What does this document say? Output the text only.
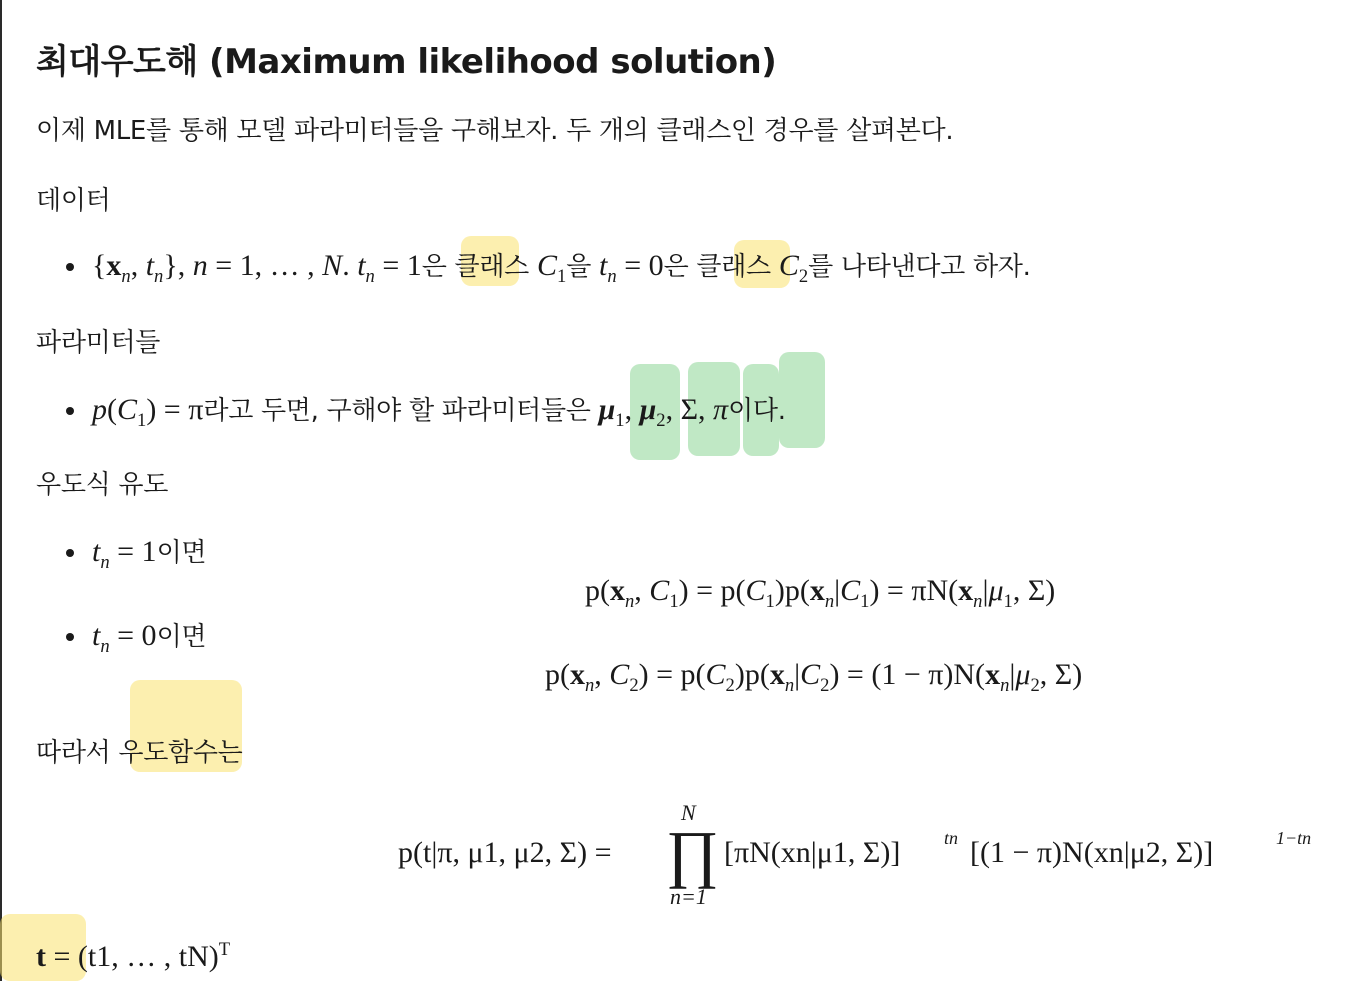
최대우도해 (Maximum likelihood solution)
이제 MLE를 통해 모델 파라미터들을 구해보자. 두 개의 클래스인 경우를 살펴본다.
데이터
{$x_n$, $t_n$}, n = 1, … , N. $t_n = 1$은 클래스 $C_1$을 $t_n = 0$은 클래스 $C_2$를 나타낸다고 하자.
파라미터들
$p(C_1) = \pi$라고 두면, 구해야 할 파라미터들은 $\mu_1$, $\mu_2$, Σ, π이다.
우도식 유도
$t_n = 1$이면
$t_n = 0$이면
$p(x_n$, $C_1) = p(C_1)p(x_n|C_1) = \pi N(x_n|\mu_1$, Σ)
$p(x_n$, $C_2) = p(C_2)p(x_n|C_2) = (1 - \pi)N(x_n|\mu_2$, Σ)
따라서 우도함수는
p(t|π, μ1, μ2, Σ) =
N
∏
n=1
[πN(xn|μ1, Σ)] tn [(1 − π)N(xn|μ2, Σ)]	1−tn
t = (t1, … , tN)$^T$
